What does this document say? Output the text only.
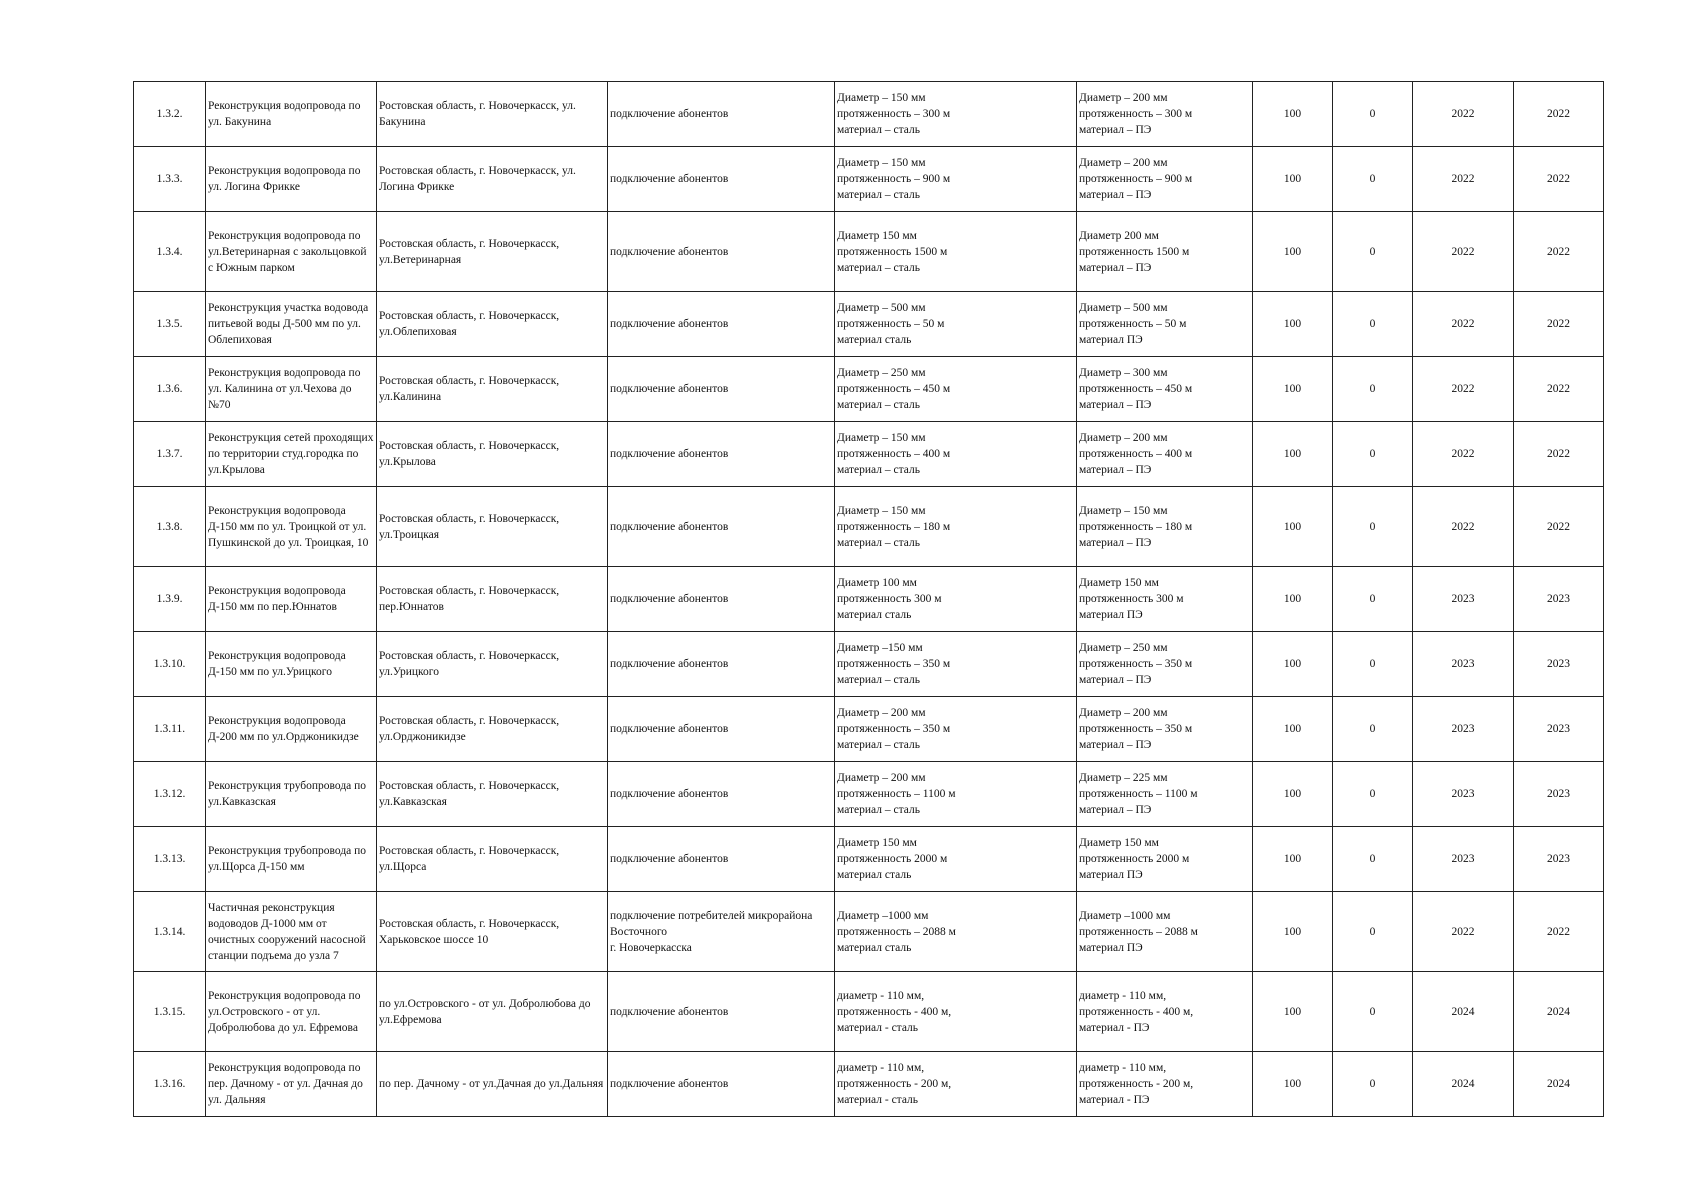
1.3.2.	Реконструкция водопровода по ул. Бакунина	Ростовская область, г. Новочеркасск, ул. Бакунина	подключение абонентов	Диаметр – 150 мм
протяженность – 300 м
материал – сталь	Диаметр – 200 мм
протяженность – 300 м
материал – ПЭ	100	0	2022	2022
1.3.3.	Реконструкция водопровода по ул. Логина Фрикке	Ростовская область, г. Новочеркасск, ул. Логина Фрикке	подключение абонентов	Диаметр – 150 мм
протяженность – 900 м
материал – сталь	Диаметр – 200 мм
протяженность – 900 м
материал – ПЭ	100	0	2022	2022
1.3.4.	Реконструкция водопровода по ул.Ветеринарная с закольцовкой с Южным парком	Ростовская область, г. Новочеркасск, ул.Ветеринарная	подключение абонентов	Диаметр 150 мм
протяженность 1500 м
материал – сталь	Диаметр 200 мм
протяженность 1500 м
материал – ПЭ	100	0	2022	2022
1.3.5.	Реконструкция участка водовода питьевой воды Д-500 мм по ул. Облепиховая	Ростовская область, г. Новочеркасск, ул.Облепиховая	подключение абонентов	Диаметр – 500 мм
протяженность – 50 м
материал сталь	Диаметр – 500 мм
протяженность – 50 м
материал ПЭ	100	0	2022	2022
1.3.6.	Реконструкция водопровода по ул. Калинина от ул.Чехова до №70	Ростовская область, г. Новочеркасск, ул.Калинина	подключение абонентов	Диаметр – 250 мм
протяженность – 450 м
материал – сталь	Диаметр – 300 мм
протяженность – 450 м
материал – ПЭ	100	0	2022	2022
1.3.7.	Реконструкция сетей проходящих по территории студ.городка по ул.Крылова	Ростовская область, г. Новочеркасск, ул.Крылова	подключение абонентов	Диаметр – 150 мм
протяженность – 400 м
материал – сталь	Диаметр – 200 мм
протяженность – 400 м
материал – ПЭ	100	0	2022	2022
1.3.8.	Реконструкция водопровода Д-150 мм по ул. Троицкой от ул. Пушкинской до ул. Троицкая, 10	Ростовская область, г. Новочеркасск, ул.Троицкая	подключение абонентов	Диаметр – 150 мм
протяженность – 180 м
материал – сталь	Диаметр – 150 мм
протяженность – 180 м
материал – ПЭ	100	0	2022	2022
1.3.9.	Реконструкция водопровода Д-150 мм по пер.Юннатов	Ростовская область, г. Новочеркасск, пер.Юннатов	подключение абонентов	Диаметр 100 мм
протяженность 300 м
материал сталь	Диаметр 150 мм
протяженность 300 м
материал ПЭ	100	0	2023	2023
1.3.10.	Реконструкция водопровода Д-150 мм по ул.Урицкого	Ростовская область, г. Новочеркасск, ул.Урицкого	подключение абонентов	Диаметр –150 мм
протяженность – 350 м
материал – сталь	Диаметр – 250 мм
протяженность – 350 м
материал – ПЭ	100	0	2023	2023
1.3.11.	Реконструкция водопровода Д-200 мм по ул.Орджоникидзе	Ростовская область, г. Новочеркасск, ул.Орджоникидзе	подключение абонентов	Диаметр – 200 мм
протяженность – 350 м
материал – сталь	Диаметр – 200 мм
протяженность – 350 м
материал – ПЭ	100	0	2023	2023
1.3.12.	Реконструкция трубопровода по ул.Кавказская	Ростовская область, г. Новочеркасск, ул.Кавказская	подключение абонентов	Диаметр – 200 мм
протяженность – 1100 м
материал – сталь	Диаметр – 225 мм
протяженность – 1100 м
материал – ПЭ	100	0	2023	2023
1.3.13.	Реконструкция трубопровода по ул.Щорса Д-150 мм	Ростовская область, г. Новочеркасск, ул.Щорса	подключение абонентов	Диаметр 150 мм
протяженность 2000 м
материал сталь	Диаметр 150 мм
протяженность 2000 м
материал ПЭ	100	0	2023	2023
1.3.14.	Частичная реконструкция водоводов Д-1000 мм от очистных сооружений насосной станции подъема до узла 7	Ростовская область, г. Новочеркасск, Харьковское шоссе 10	подключение потребителей микрорайона Восточного
г. Новочеркасска	Диаметр –1000 мм
протяженность – 2088 м
материал сталь	Диаметр –1000 мм
протяженность – 2088 м
материал ПЭ	100	0	2022	2022
1.3.15.	Реконструкция водопровода по ул.Островского - от ул. Добролюбова до ул. Ефремова	по ул.Островского - от ул. Добролюбова до ул.Ефремова	подключение абонентов	диаметр - 110 мм,
протяженность - 400 м,
материал - сталь	диаметр - 110 мм,
протяженность - 400 м,
материал - ПЭ	100	0	2024	2024
1.3.16.	Реконструкция водопровода по пер. Дачному - от ул. Дачная до ул. Дальняя	по пер. Дачному - от ул.Дачная до ул.Дальняя	подключение абонентов	диаметр - 110 мм,
протяженность - 200 м,
материал - сталь	диаметр - 110 мм,
протяженность - 200 м,
материал - ПЭ	100	0	2024	2024
